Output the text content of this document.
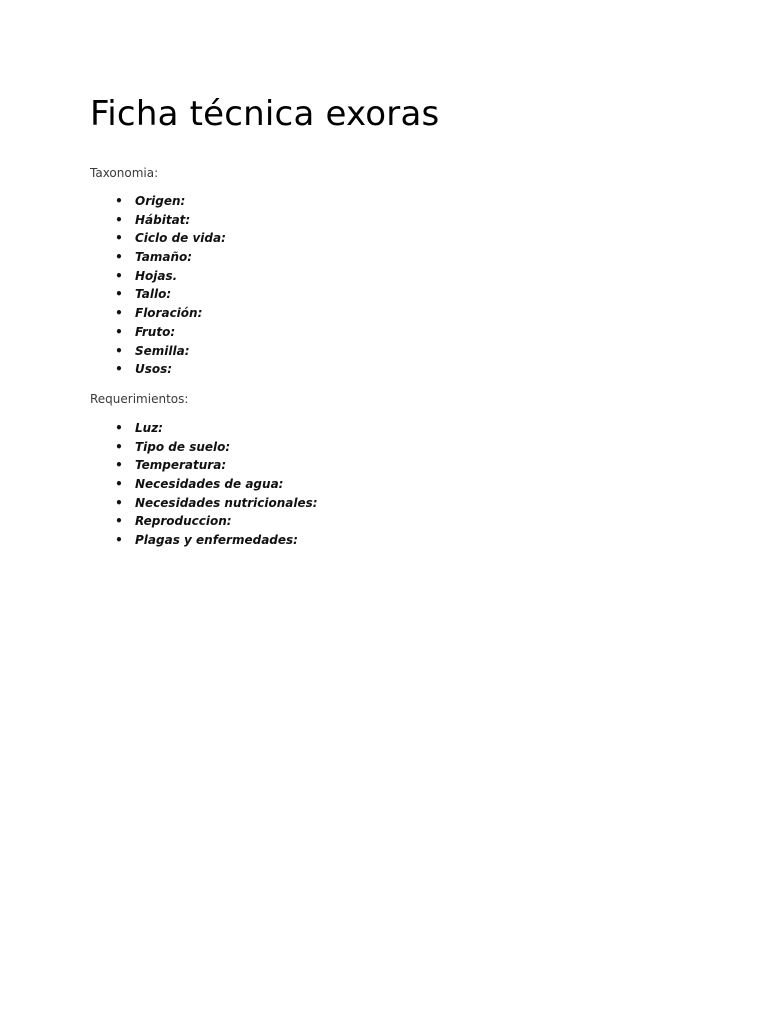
Ficha técnica exoras

Taxonomia:

• Origen:
• Hábitat:
• Ciclo de vida:
• Tamaño:
• Hojas.
• Tallo:
• Floración:
• Fruto:
• Semilla:
• Usos:

Requerimientos:

• Luz:
• Tipo de suelo:
• Temperatura:
• Necesidades de agua:
• Necesidades nutricionales:
• Reproduccion:
• Plagas y enfermedades:
